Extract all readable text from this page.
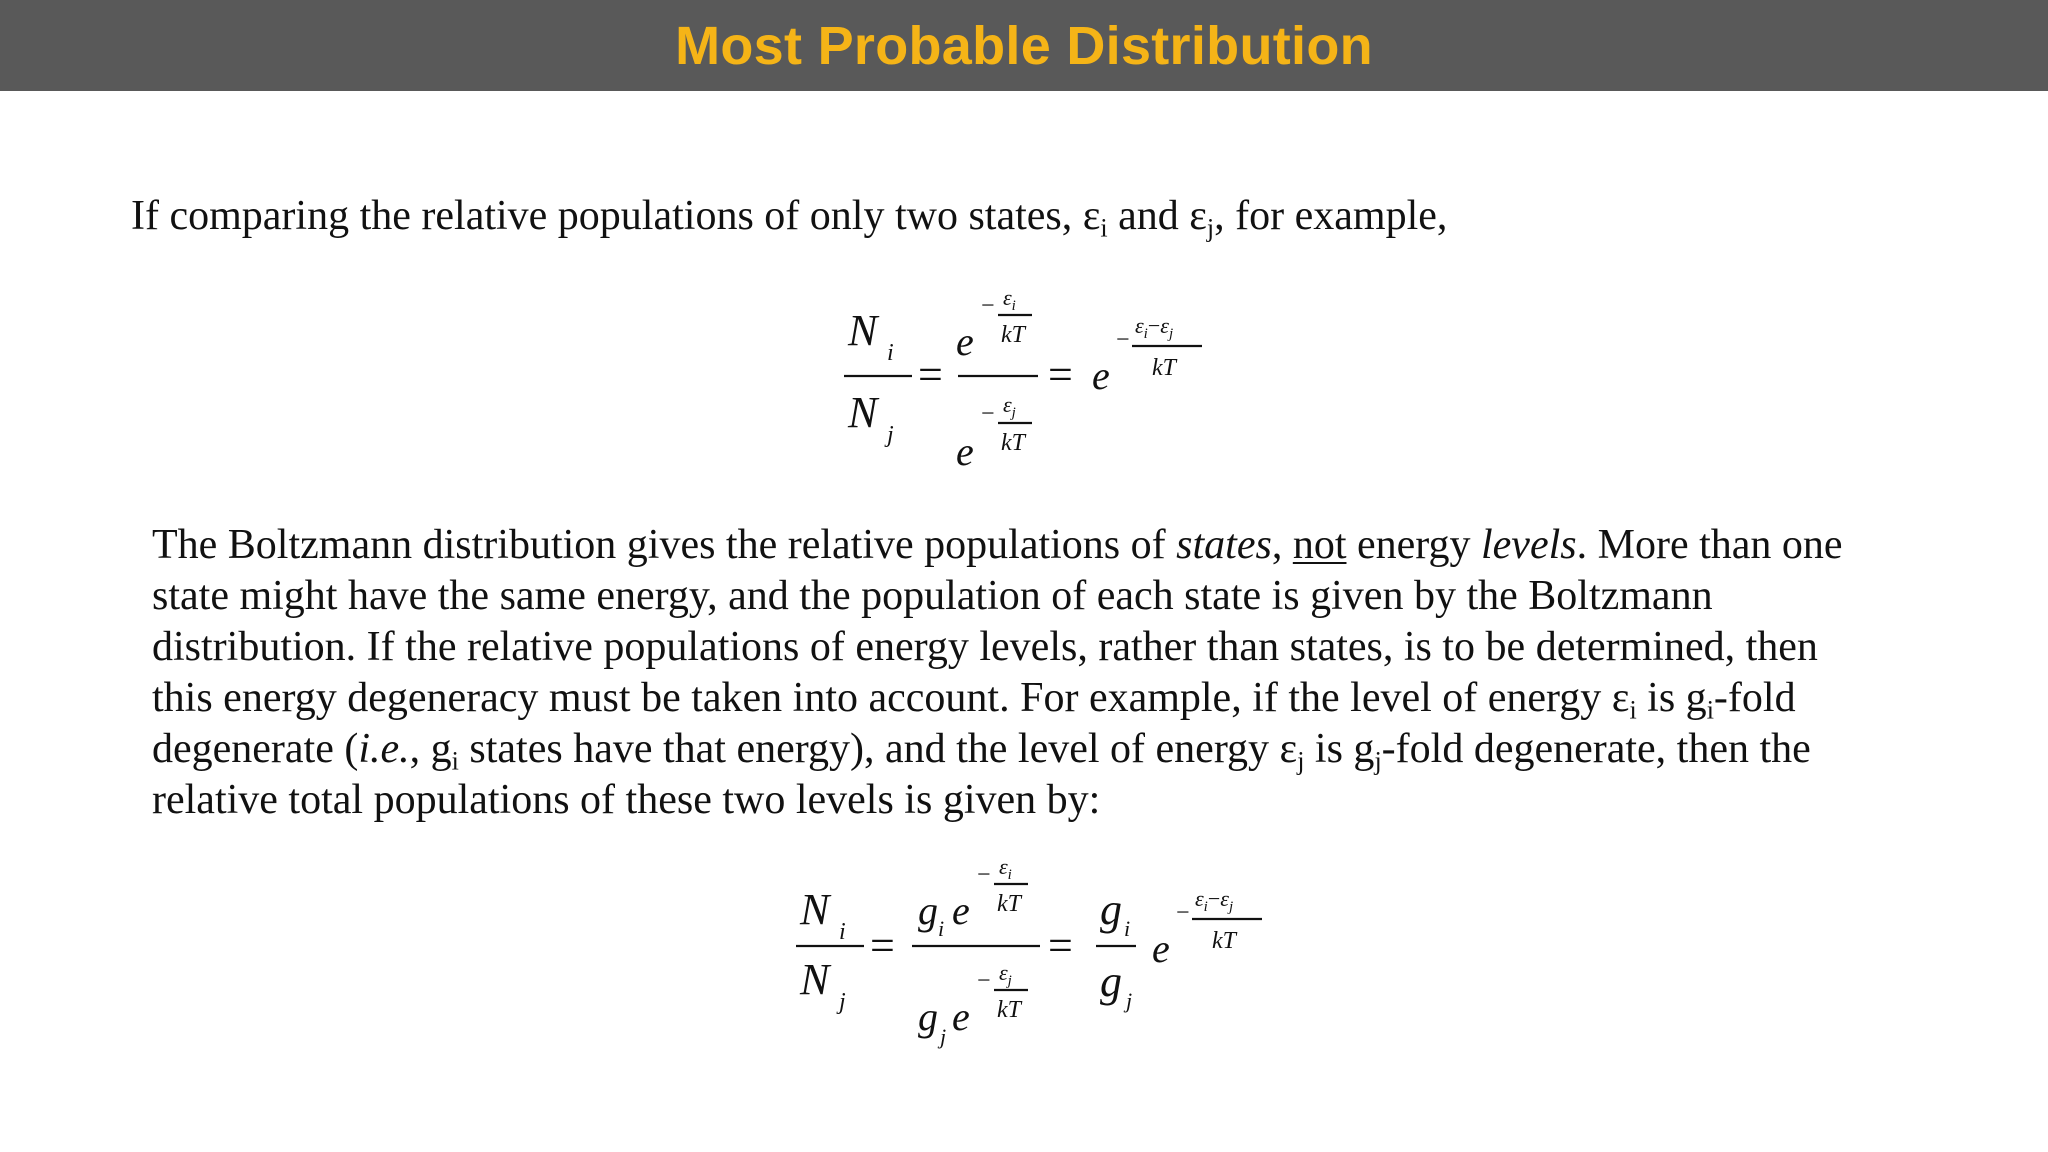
Most Probable Distribution
If comparing the relative populations of only two states, $\varepsilon_i$ and $\varepsilon_j$, for example,
N i
N j
=
e
− $\varepsilon_i$
kT
e
− $\varepsilon_j$
kT
= e
−
$\varepsilon_i-\varepsilon_j$
kT
The Boltzmann distribution gives the relative populations of states, not energy levels. More than one
state might have the same energy, and the population of each state is given by the Boltzmann
distribution. If the relative populations of energy levels, rather than states, is to be determined, then
this energy degeneracy must be taken into account. For example, if the level of energy $\varepsilon_i$ is $g_i$-fold
degenerate (i.e., $g_i$ states have that energy), and the level of energy $\varepsilon_j$ is $g_j$-fold degenerate, then the
relative total populations of these two levels is given by:
N i
N j
=
g i e
− $\varepsilon_i$
kT
g j e
− $\varepsilon_j$
kT
=
g i
g j
e
−
$\varepsilon_i-\varepsilon_j$
kT
